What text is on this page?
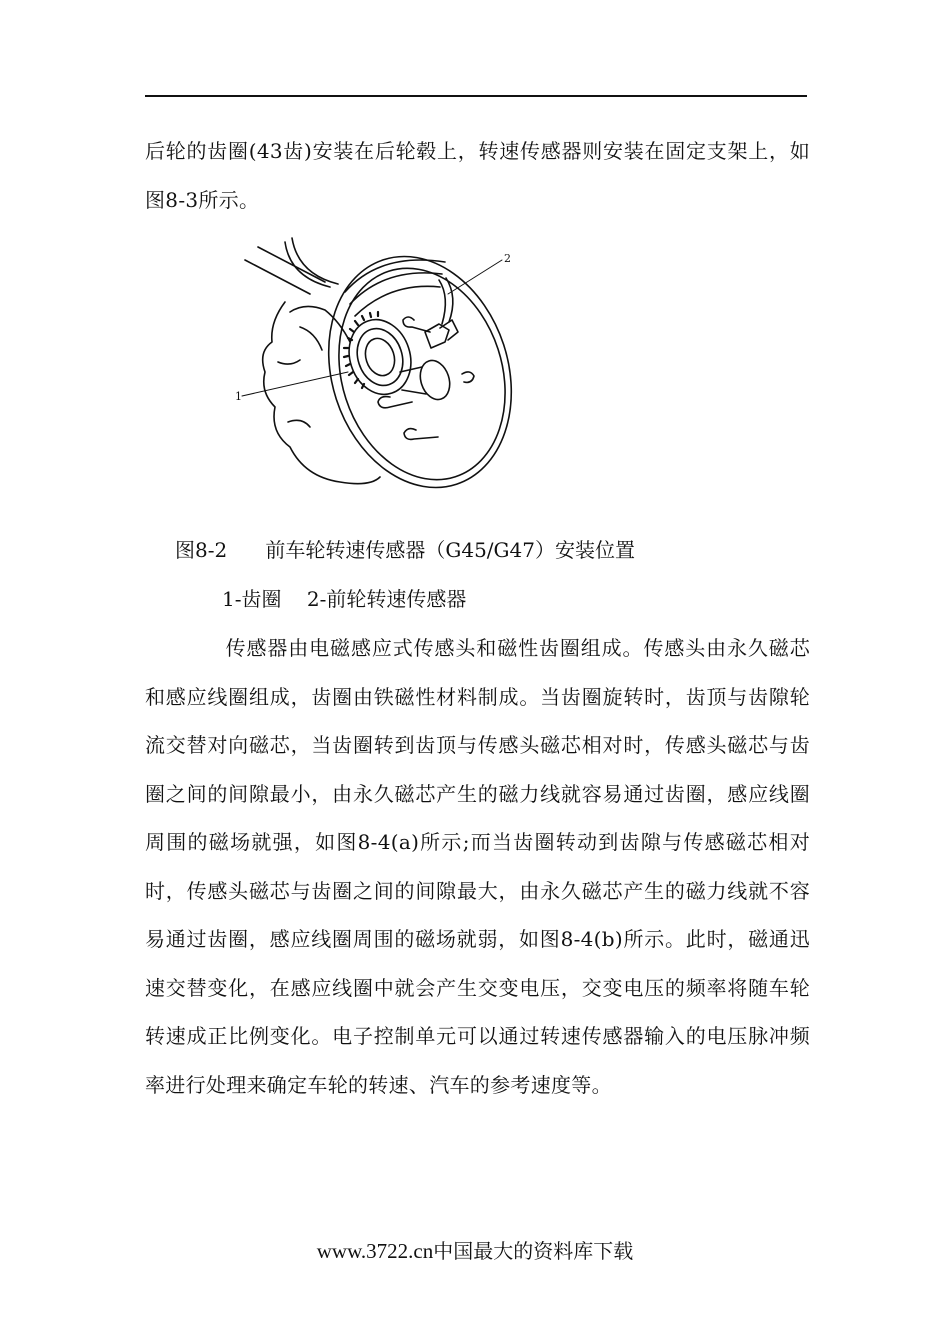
后轮的齿圈(43齿)安装在后轮毂上，转速传感器则安装在固定支架上，如图8-3所示。

1
2
图8-2 前车轮转速传感器（G45/G47）安装位置
1-齿圈 2-前轮转速传感器

传感器由电磁感应式传感头和磁性齿圈组成。传感头由永久磁芯和感应线圈组成，齿圈由铁磁性材料制成。当齿圈旋转时，齿顶与齿隙轮流交替对向磁芯，当齿圈转到齿顶与传感头磁芯相对时，传感头磁芯与齿圈之间的间隙最小，由永久磁芯产生的磁力线就容易通过齿圈，感应线圈周围的磁场就强，如图8-4(a)所示;而当齿圈转动到齿隙与传感磁芯相对时，传感头磁芯与齿圈之间的间隙最大，由永久磁芯产生的磁力线就不容易通过齿圈，感应线圈周围的磁场就弱，如图8-4(b)所示。此时，磁通迅速交替变化，在感应线圈中就会产生交变电压，交变电压的频率将随车轮转速成正比例变化。电子控制单元可以通过转速传感器输入的电压脉冲频率进行处理来确定车轮的转速、汽车的参考速度等。

www.3722.cn中国最大的资料库下载
